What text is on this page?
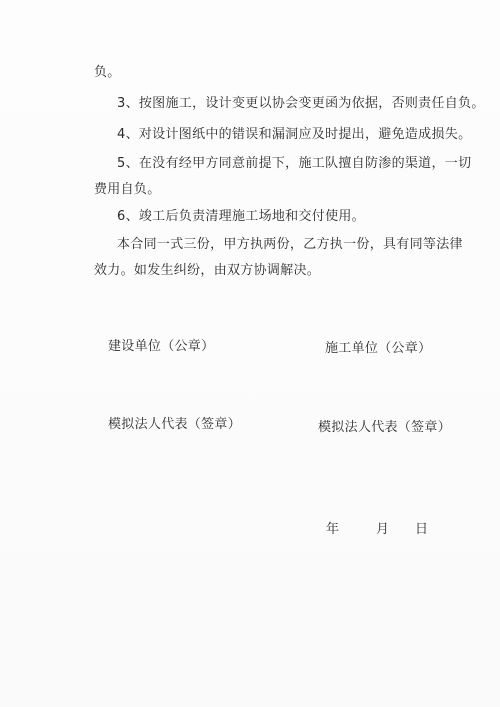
负。
3、按图施工，设计变更以协会变更函为依据，否则责任自负。
4、对设计图纸中的错误和漏洞应及时提出，避免造成损失。
5、在没有经甲方同意前提下，施工队擅自防渗的渠道，一切
费用自负。
6、竣工后负责清理施工场地和交付使用。
本合同一式三份，甲方执两份，乙方执一份，具有同等法律
效力。如发生纠纷，由双方协调解决。
建设单位（公章）	施工单位（公章）
模拟法人代表（签章）	模拟法人代表（签章）
年	月 日
